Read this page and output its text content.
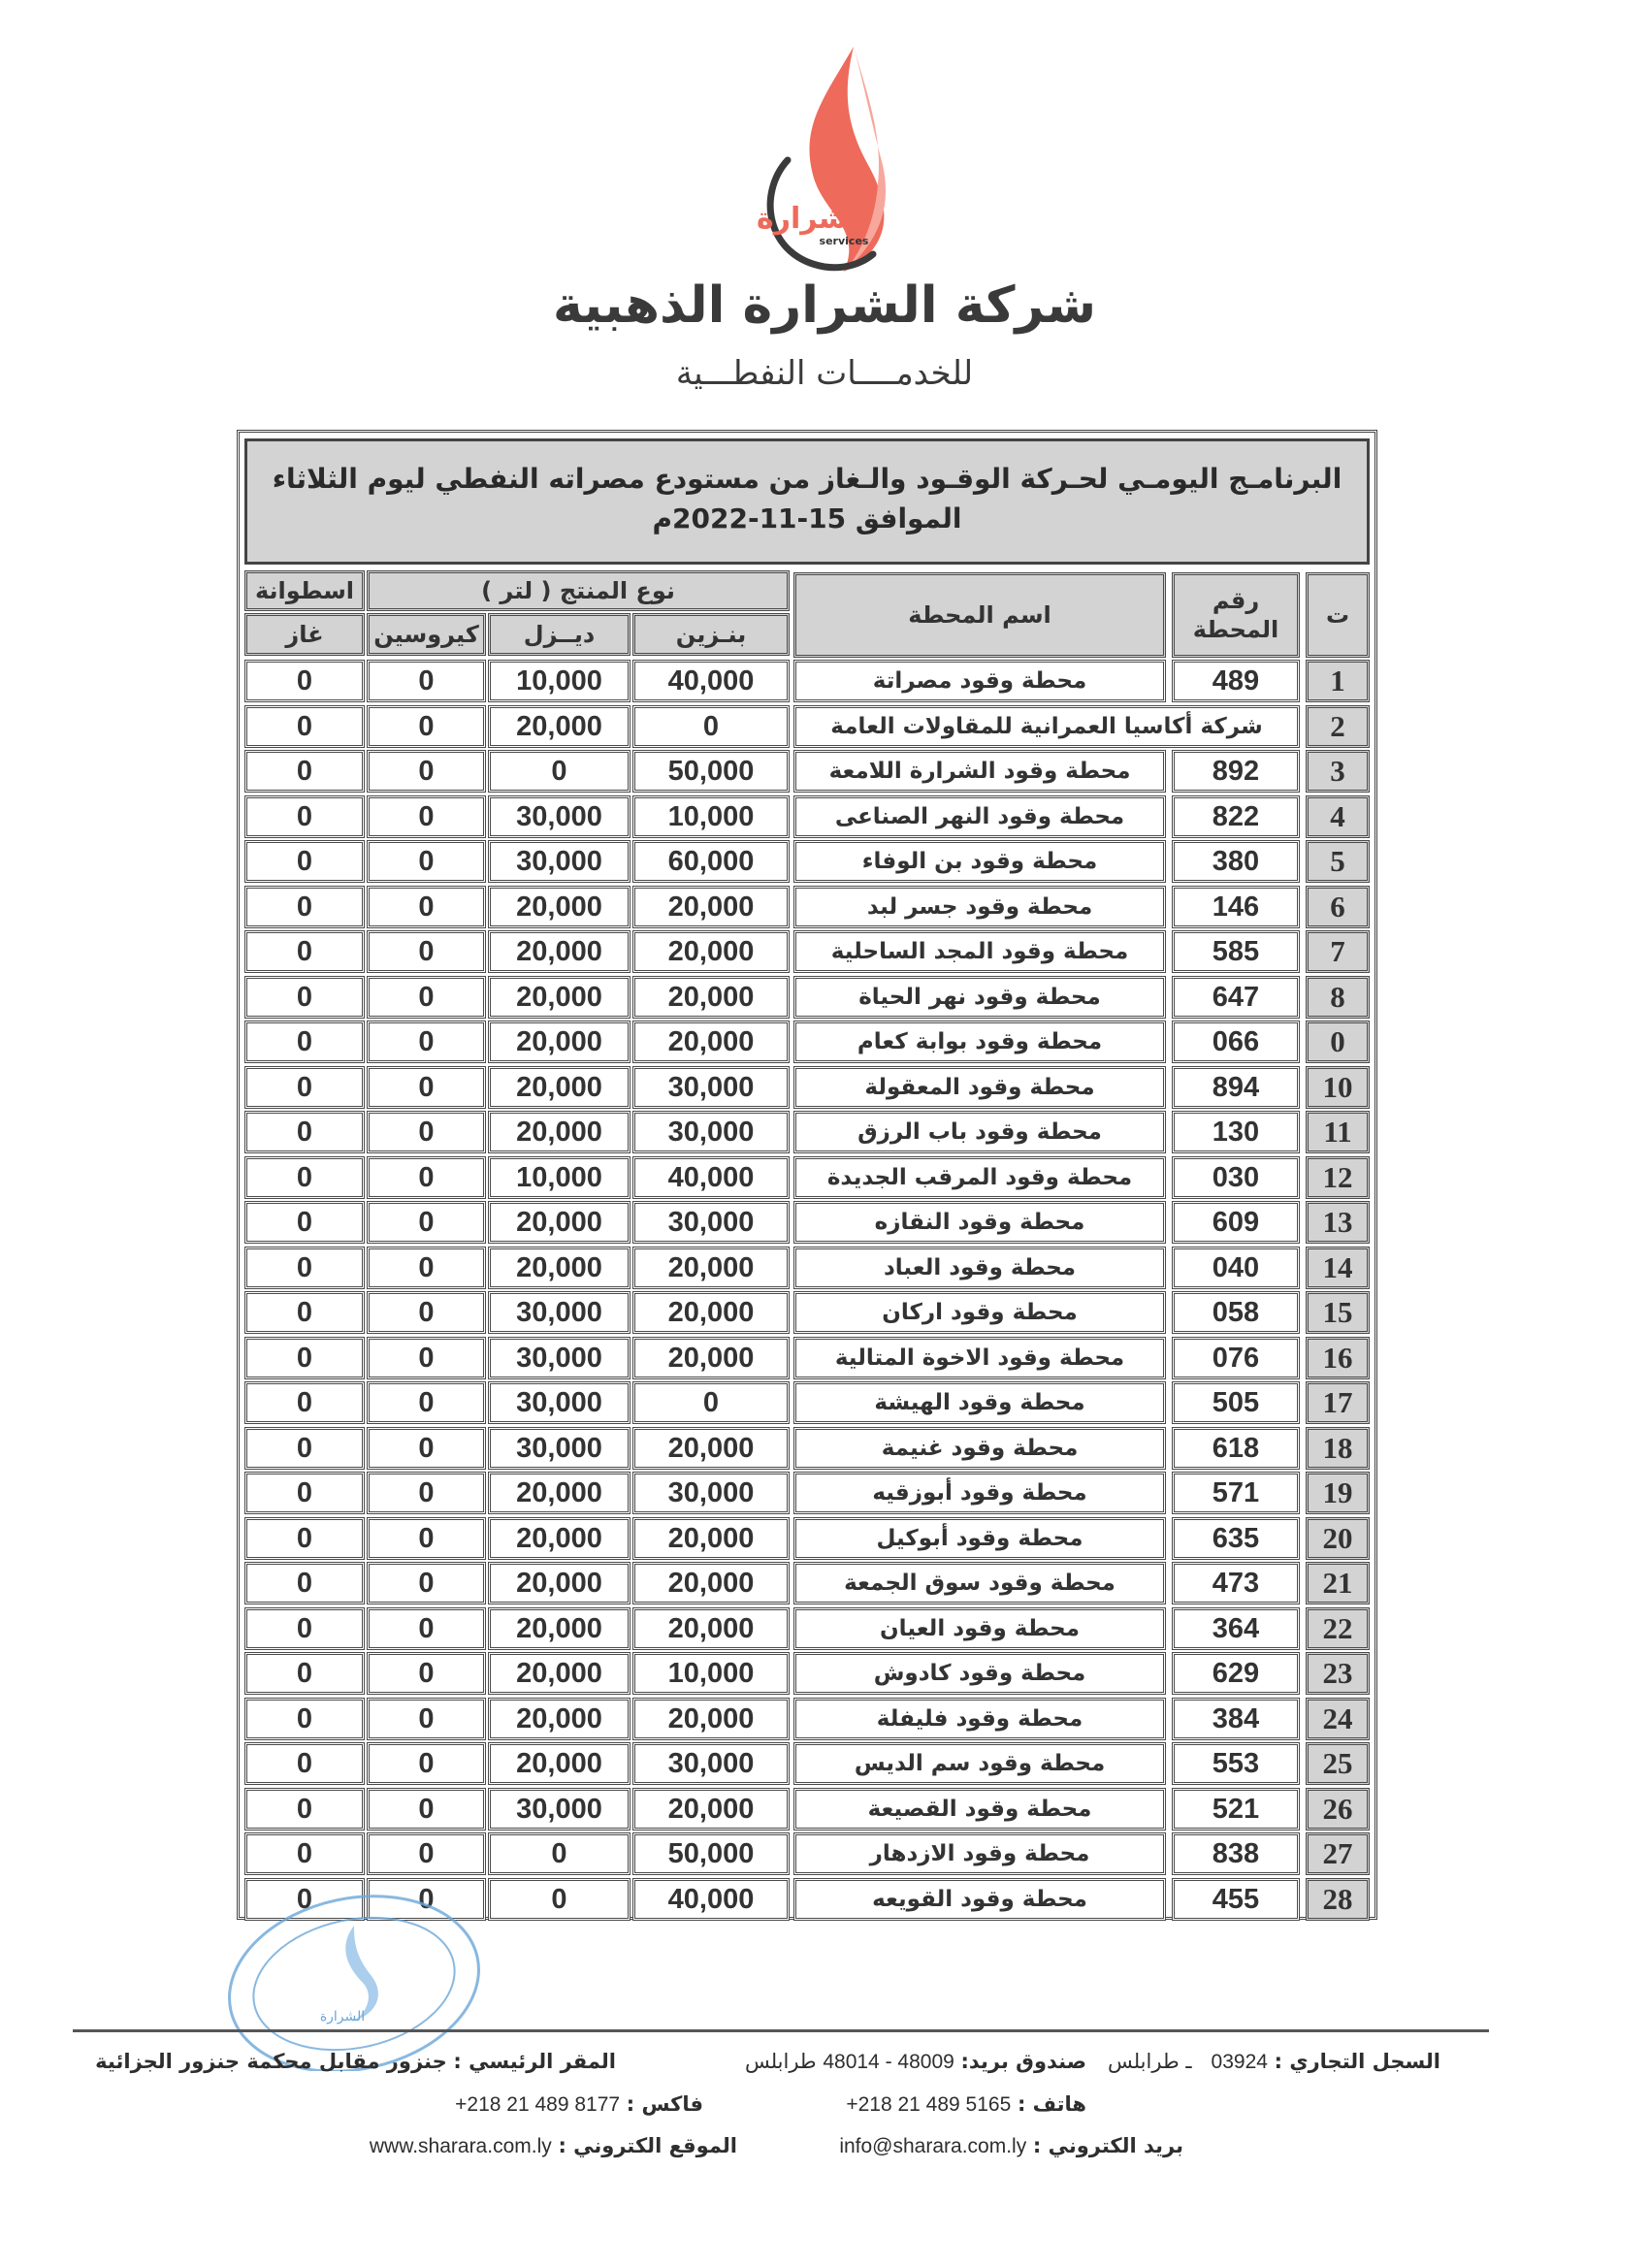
الشرارة
services
شركة الشرارة الذهبية
للخدمــــات النفطـــية
البرنامـج اليومـي لحـركة الوقـود والـغاز من مستودع مصراته النفطي ليوم الثلاثاء
الموافق 15-11-2022م
ت
رقم المحطة
اسم المحطة
نوع المنتج ( لتر )
بنـزين
ديــزل
كيروسين
اسطوانة
غاز
1
489
محطة وقود مصراتة
40,000
10,000
0
0
2
شركة أكاسيا العمرانية للمقاولات العامة
0
20,000
0
0
3
892
محطة وقود الشرارة اللامعة
50,000
0
0
0
4
822
محطة وقود النهر الصناعى
10,000
30,000
0
0
5
380
محطة وقود بن الوفاء
60,000
30,000
0
0
6
146
محطة وقود جسر لبد
20,000
20,000
0
0
7
585
محطة وقود المجد الساحلية
20,000
20,000
0
0
8
647
محطة وقود نهر الحياة
20,000
20,000
0
0
0
066
محطة وقود بوابة كعام
20,000
20,000
0
0
10
894
محطة وقود المعقولة
30,000
20,000
0
0
11
130
محطة وقود باب الرزق
30,000
20,000
0
0
12
030
محطة وقود المرقب الجديدة
40,000
10,000
0
0
13
609
محطة وقود النقازه
30,000
20,000
0
0
14
040
محطة وقود العباد
20,000
20,000
0
0
15
058
محطة وقود اركان
20,000
30,000
0
0
16
076
محطة وقود الاخوة المتالية
20,000
30,000
0
0
17
505
محطة وقود الهيشة
0
30,000
0
0
18
618
محطة وقود غنيمة
20,000
30,000
0
0
19
571
محطة وقود أبوزقيه
30,000
20,000
0
0
20
635
محطة وقود أبوكيل
20,000
20,000
0
0
21
473
محطة وقود سوق الجمعة
20,000
20,000
0
0
22
364
محطة وقود العيان
20,000
20,000
0
0
23
629
محطة وقود كادوش
10,000
20,000
0
0
24
384
محطة وقود فليفلة
20,000
20,000
0
0
25
553
محطة وقود سم الديس
30,000
20,000
0
0
26
521
محطة وقود القصيعة
20,000
30,000
0
0
27
838
محطة وقود الازدهار
50,000
0
0
0
28
455
محطة وقود القويعه
40,000
0
0
0
الشرارة
السجل التجاري : 03924   ـ طرابلس
صندوق بريد: 48014 - 48009 طرابلس
المقر الرئيسي : جنزور مقابل محكمة جنزور الجزائية
هاتف : +218 21 489 5165
فاكس : +218 21 489 8177
بريد الكتروني : info@sharara.com.ly
الموقع الكتروني : www.sharara.com.ly
